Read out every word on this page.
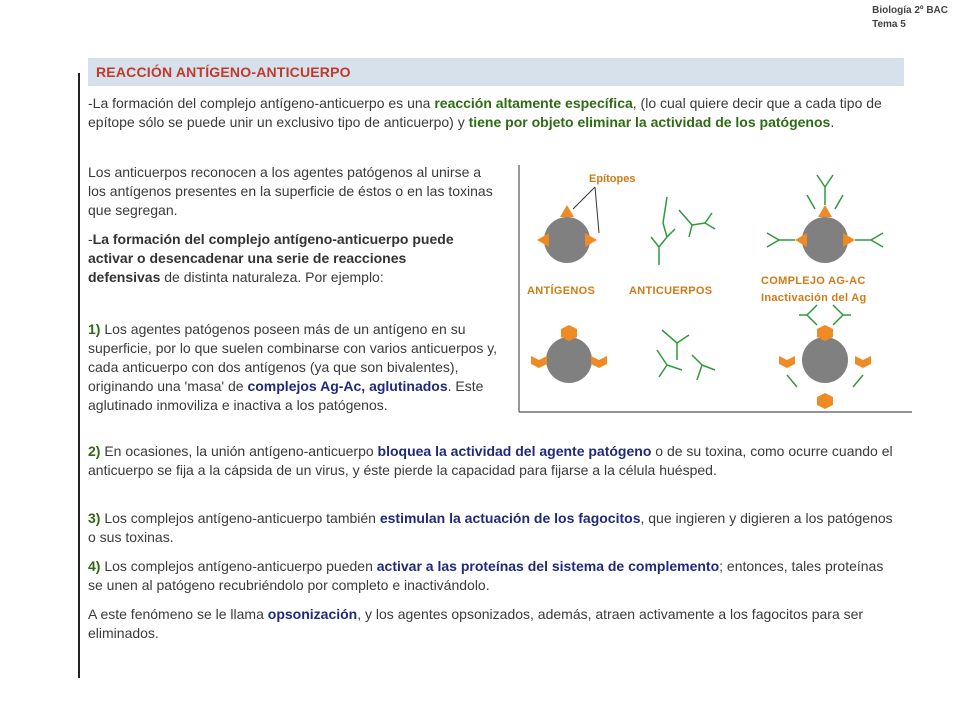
Biología 2º BAC
Tema 5
REACCIÓN ANTÍGENO-ANTICUERPO
-La formación del complejo antígeno-anticuerpo es una reacción altamente específica, (lo cual quiere decir que a cada tipo de epítope sólo se puede unir un exclusivo tipo de anticuerpo) y tiene por objeto eliminar la actividad de los patógenos.
Los anticuerpos reconocen a los agentes patógenos al unirse a los antígenos presentes en la superficie de éstos o en las toxinas que segregan.
-La formación del complejo antígeno-anticuerpo puede activar o desencadenar una serie de reacciones defensivas de distinta naturaleza. Por ejemplo:
1) Los agentes patógenos poseen más de un antígeno en su superficie, por lo que suelen combinarse con varios anticuerpos y, cada anticuerpo con dos antígenos (ya que son bivalentes), originando una 'masa' de complejos Ag-Ac, aglutinados. Este aglutinado inmoviliza e inactiva a los patógenos.
2) En ocasiones, la unión antígeno-anticuerpo bloquea la actividad del agente patógeno o de su toxina, como ocurre cuando el anticuerpo se fija a la cápsida de un virus, y éste pierde la capacidad para fijarse a la célula huésped.
3) Los complejos antígeno-anticuerpo también estimulan la actuación de los fagocitos, que ingieren y digieren a los patógenos o sus toxinas.
4) Los complejos antígeno-anticuerpo pueden activar a las proteínas del sistema de complemento; entonces, tales proteínas se unen al patógeno recubriéndolo por completo e inactivándolo.
A este fenómeno se le llama opsonización, y los agentes opsonizados, además, atraen activamente a los fagocitos para ser eliminados.
Epítopes
ANTÍGENOS	ANTICUERPOS
COMPLEJO AG-AC
Inactivación del Ag
